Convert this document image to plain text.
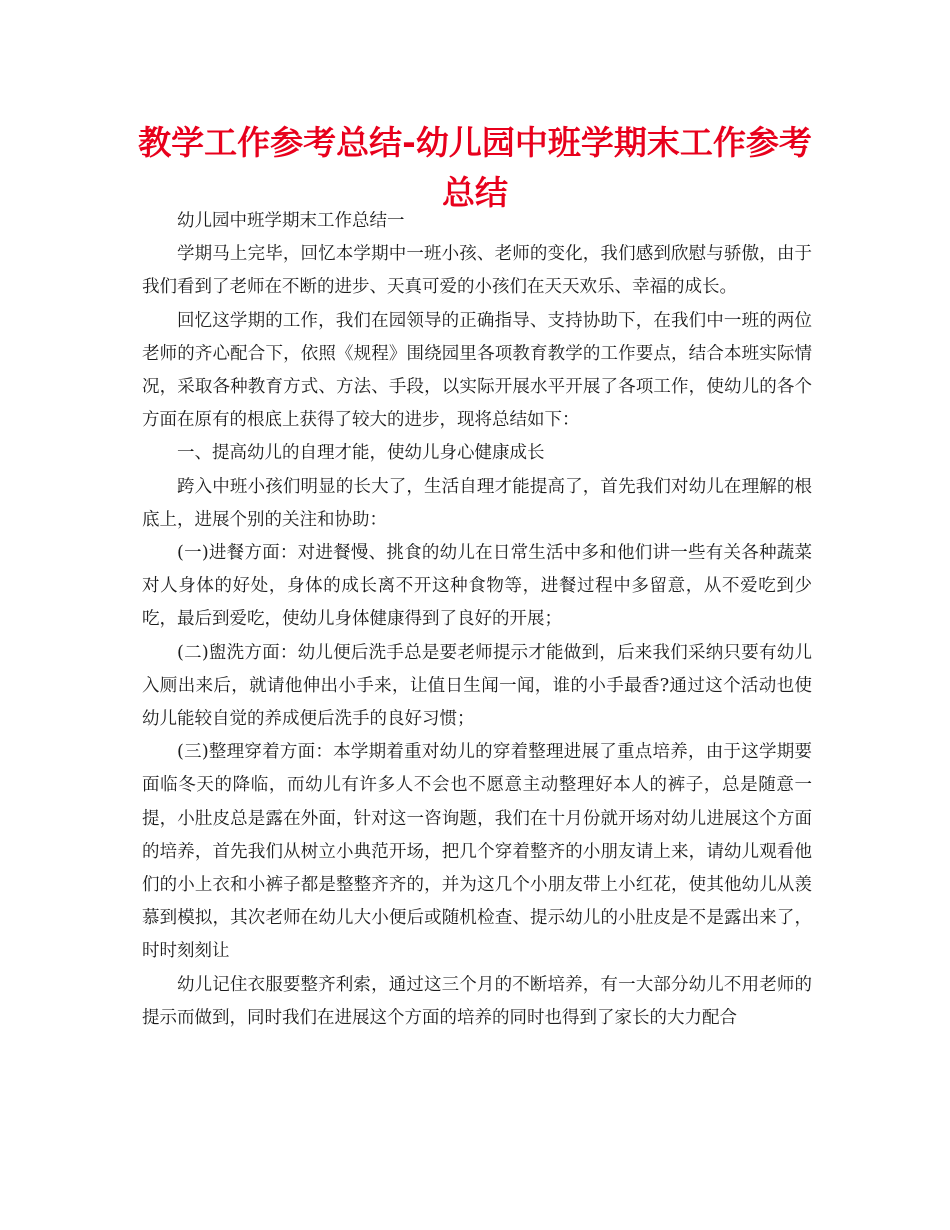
教学工作参考总结-幼儿园中班学期末工作参考总结

幼儿园中班学期末工作总结一

学期马上完毕，回忆本学期中一班小孩、老师的变化，我们感到欣慰与骄傲，由于我们看到了老师在不断的进步、天真可爱的小孩们在天天欢乐、幸福的成长。

回忆这学期的工作，我们在园领导的正确指导、支持协助下，在我们中一班的两位老师的齐心配合下，依照《规程》围绕园里各项教育教学的工作要点，结合本班实际情况，采取各种教育方式、方法、手段，以实际开展水平开展了各项工作，使幼儿的各个方面在原有的根底上获得了较大的进步，现将总结如下：

一、提高幼儿的自理才能，使幼儿身心健康成长

跨入中班小孩们明显的长大了，生活自理才能提高了，首先我们对幼儿在理解的根底上，进展个别的关注和协助：

(一)进餐方面：对进餐慢、挑食的幼儿在日常生活中多和他们讲一些有关各种蔬菜对人身体的好处，身体的成长离不开这种食物等，进餐过程中多留意，从不爱吃到少吃，最后到爱吃，使幼儿身体健康得到了良好的开展；

(二)盥洗方面：幼儿便后洗手总是要老师提示才能做到，后来我们采纳只要有幼儿入厕出来后，就请他伸出小手来，让值日生闻一闻，谁的小手最香?通过这个活动也使幼儿能较自觉的养成便后洗手的良好习惯；

(三)整理穿着方面：本学期着重对幼儿的穿着整理进展了重点培养，由于这学期要面临冬天的降临，而幼儿有许多人不会也不愿意主动整理好本人的裤子，总是随意一提，小肚皮总是露在外面，针对这一咨询题，我们在十月份就开场对幼儿进展这个方面的培养，首先我们从树立小典范开场，把几个穿着整齐的小朋友请上来，请幼儿观看他们的小上衣和小裤子都是整整齐齐的，并为这几个小朋友带上小红花，使其他幼儿从羡慕到模拟，其次老师在幼儿大小便后或随机检查、提示幼儿的小肚皮是不是露出来了，时时刻刻让

幼儿记住衣服要整齐利索，通过这三个月的不断培养，有一大部分幼儿不用老师的提示而做到，同时我们在进展这个方面的培养的同时也得到了家长的大力配合
